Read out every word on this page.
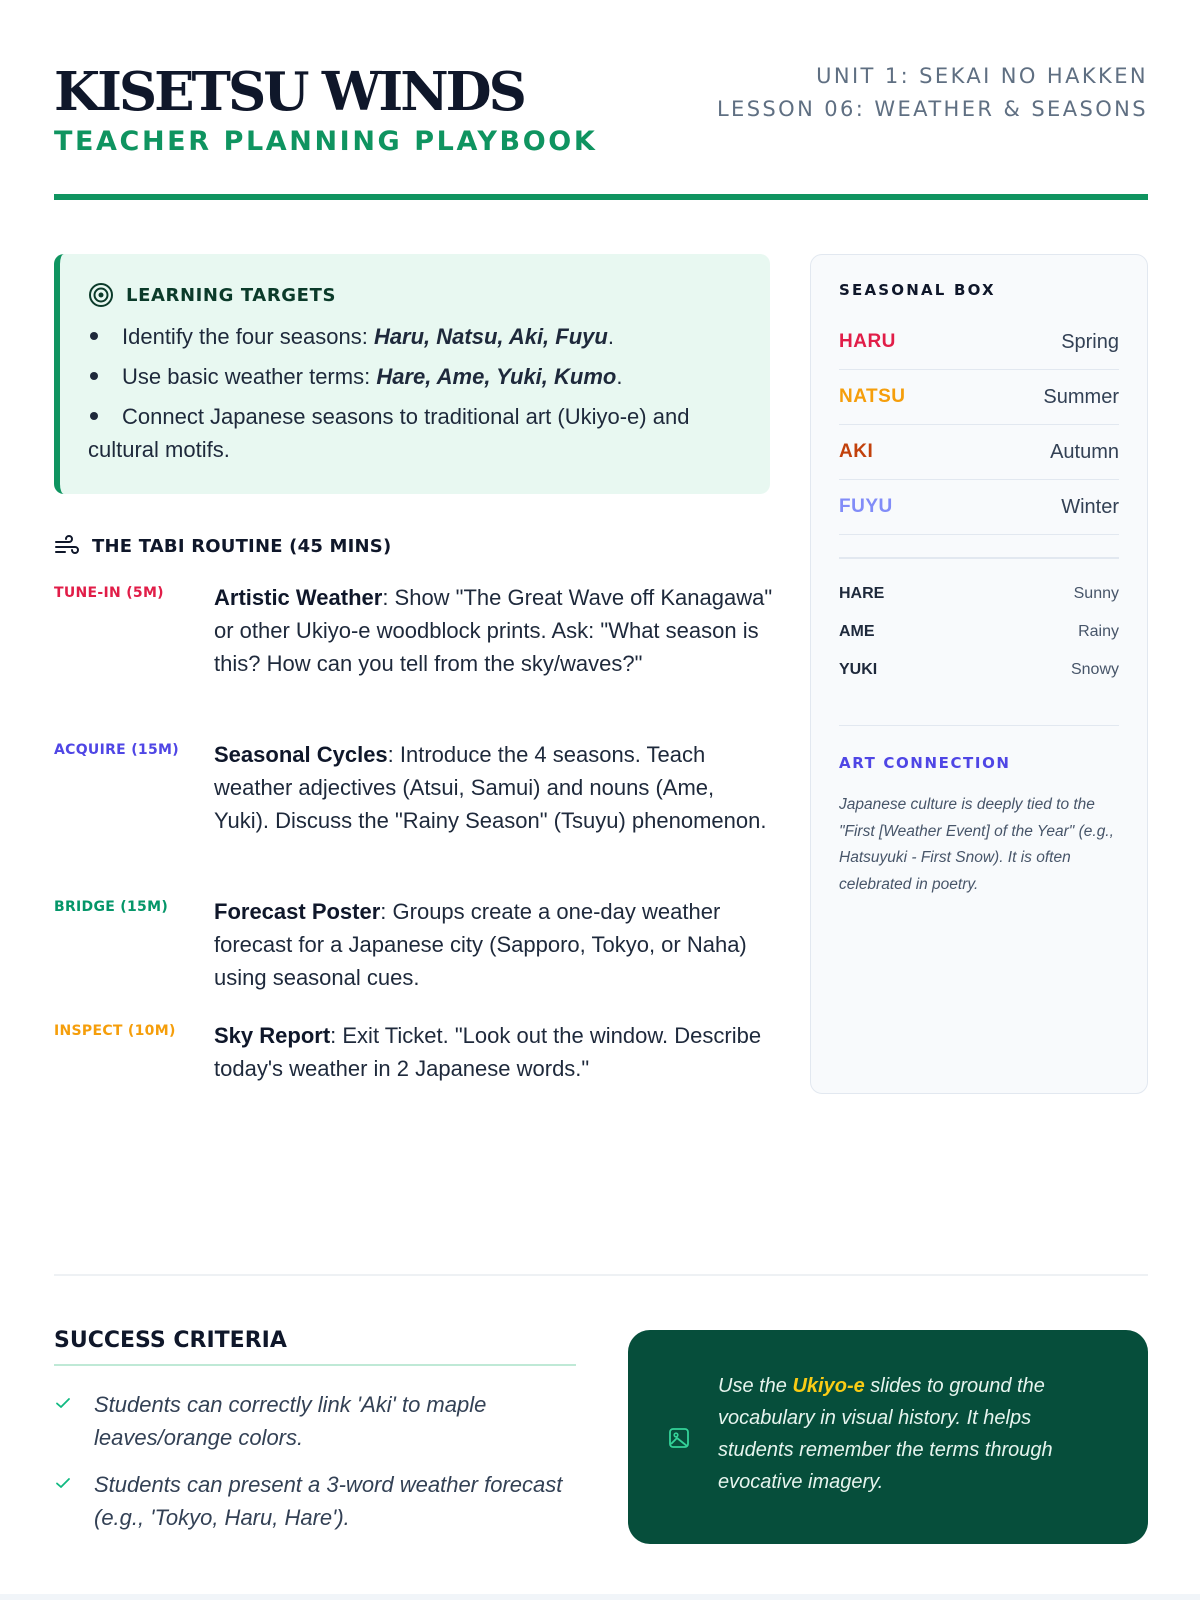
KISETSU WINDS
TEACHER PLANNING PLAYBOOK
UNIT 1: SEKAI NO HAKKEN
LESSON 06: WEATHER & SEASONS
LEARNING TARGETS
Identify the four seasons: Haru, Natsu, Aki, Fuyu.
Use basic weather terms: Hare, Ame, Yuki, Kumo.
Connect Japanese seasons to traditional art (Ukiyo-e) and cultural motifs.
THE TABI ROUTINE (45 MINS)
TUNE-IN (5M) Artistic Weather: Show "The Great Wave off Kanagawa" or other Ukiyo-e woodblock prints. Ask: "What season is this? How can you tell from the sky/waves?"
ACQUIRE (15M) Seasonal Cycles: Introduce the 4 seasons. Teach weather adjectives (Atsui, Samui) and nouns (Ame, Yuki). Discuss the "Rainy Season" (Tsuyu) phenomenon.
BRIDGE (15M) Forecast Poster: Groups create a one-day weather forecast for a Japanese city (Sapporo, Tokyo, or Naha) using seasonal cues.
INSPECT (10M) Sky Report: Exit Ticket. "Look out the window. Describe today's weather in 2 Japanese words."
SEASONAL BOX
HARU	Spring
NATSU	Summer
AKI	Autumn
FUYU	Winter
HARE	Sunny
AME	Rainy
YUKI	Snowy
ART CONNECTION

Japanese culture is deeply tied to the "First [Weather Event] of the Year" (e.g., Hatsuyuki - First Snow). It is often celebrated in poetry.

SUCCESS CRITERIA
Students can correctly link 'Aki' to maple leaves/orange colors.
Students can present a 3-word weather forecast (e.g., 'Tokyo, Haru, Hare').

Use the Ukiyo-e slides to ground the vocabulary in visual history. It helps students remember the terms through evocative imagery.
